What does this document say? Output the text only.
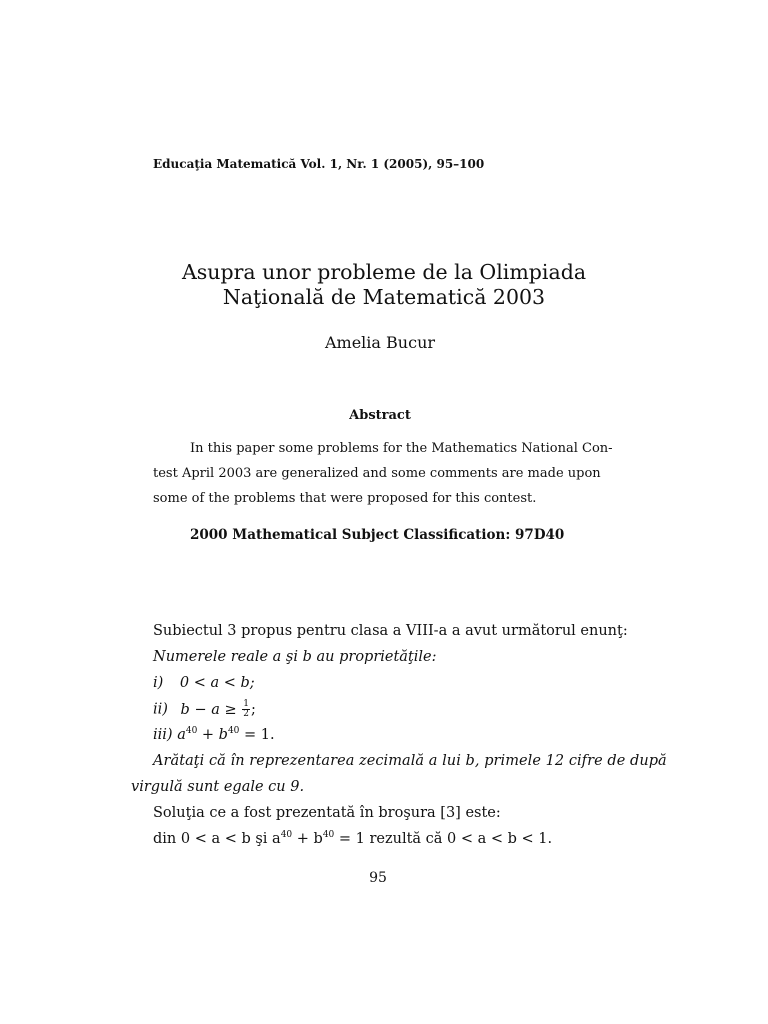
Educaţia Matematică Vol. 1, Nr. 1 (2005), 95–100
Asupra unor probleme de la Olimpiada
Naţională de Matematică 2003
Amelia Bucur
Abstract
In this paper some problems for the Mathematics National Con-
test April 2003 are generalized and some comments are made upon
some of the problems that were proposed for this contest.
2000 Mathematical Subject Classification: 97D40
Subiectul 3 propus pentru clasa a VIII-a a avut următorul enunţ:
Numerele reale a şi b au proprietăţile:
i) 0 < a < b;
ii) $b - a \ge \frac{1}{2}$ ;
iii) $a^{40} + b^{40} = 1$.
Arătaţi că în reprezentarea zecimală a lui b, primele 12 cifre de după
virgulă sunt egale cu 9.
Soluţia ce a fost prezentată în broşura [3] este:
din 0 < a < b şi $a^{40} + b^{40} = 1$ rezultă că 0 < a < b < 1.
95
